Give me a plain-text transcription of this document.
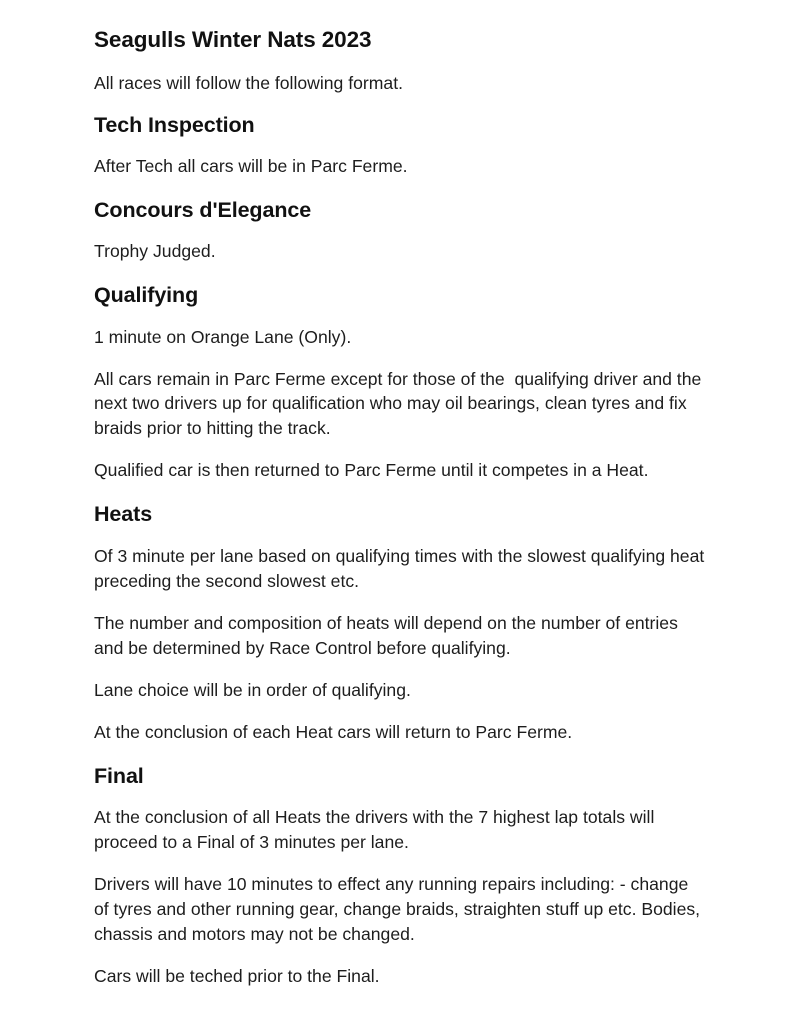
Seagulls Winter Nats 2023

All races will follow the following format.

Tech Inspection

After Tech all cars will be in Parc Ferme.

Concours d'Elegance

Trophy Judged.

Qualifying

1 minute on Orange Lane (Only).

All cars remain in Parc Ferme except for those of the  qualifying driver and the next two drivers up for qualification who may oil bearings, clean tyres and fix braids prior to hitting the track.

Qualified car is then returned to Parc Ferme until it competes in a Heat.

Heats

Of 3 minute per lane based on qualifying times with the slowest qualifying heat preceding the second slowest etc.

The number and composition of heats will depend on the number of entries and be determined by Race Control before qualifying.

Lane choice will be in order of qualifying.

At the conclusion of each Heat cars will return to Parc Ferme.

Final

At the conclusion of all Heats the drivers with the 7 highest lap totals will proceed to a Final of 3 minutes per lane.

Drivers will have 10 minutes to effect any running repairs including: - change of tyres and other running gear, change braids, straighten stuff up etc. Bodies, chassis and motors may not be changed.

Cars will be teched prior to the Final.
